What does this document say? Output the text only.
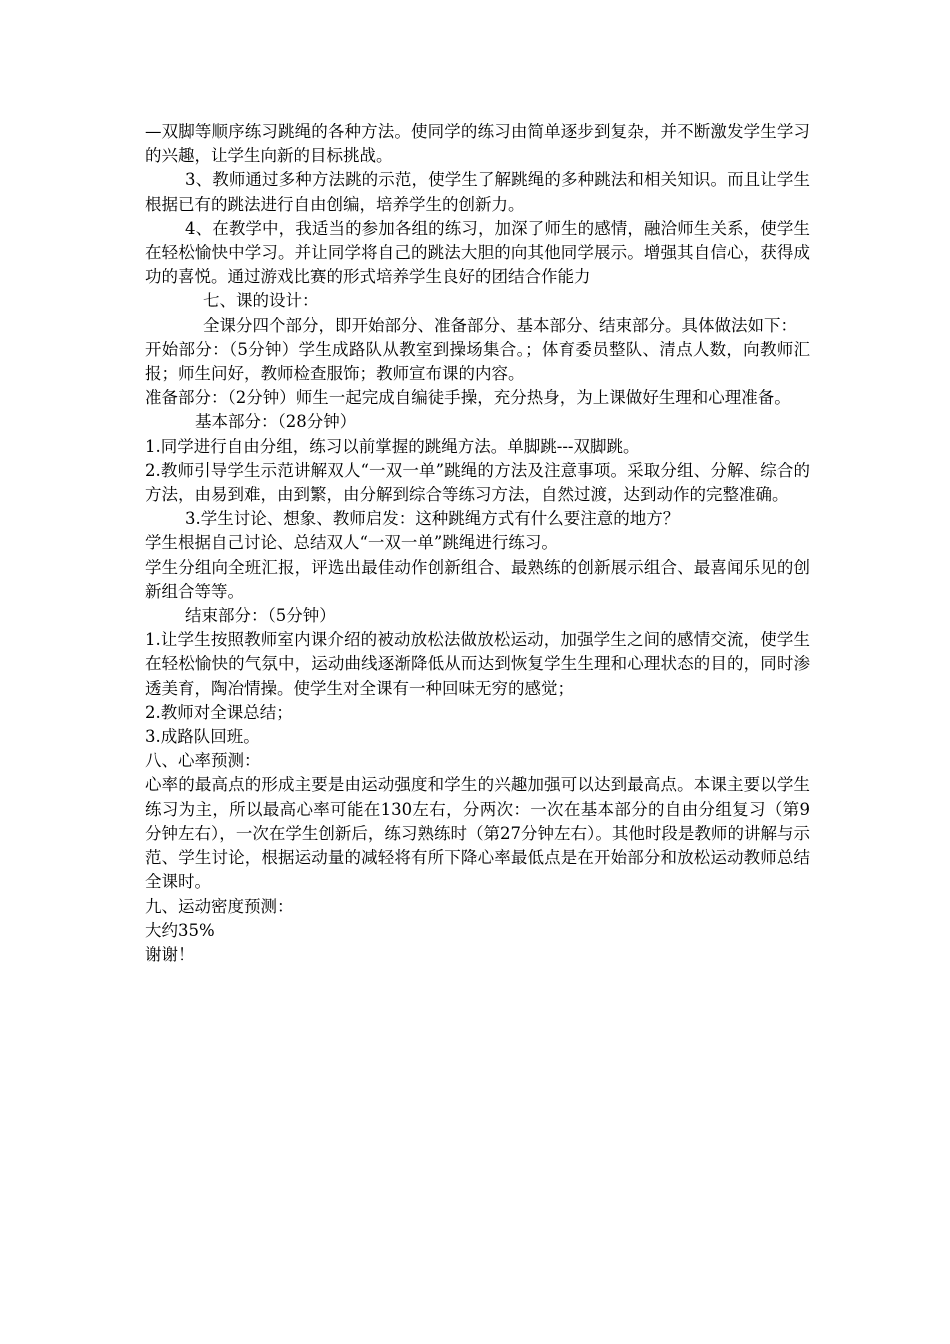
—双脚等顺序练习跳绳的各种方法。使同学的练习由简单逐步到复杂，并不断激发学生学习的兴趣，让学生向新的目标挑战。

3、教师通过多种方法跳的示范，使学生了解跳绳的多种跳法和相关知识。而且让学生根据已有的跳法进行自由创编，培养学生的创新力。

4、在教学中，我适当的参加各组的练习，加深了师生的感情，融洽师生关系，使学生在轻松愉快中学习。并让同学将自己的跳法大胆的向其他同学展示。增强其自信心，获得成功的喜悦。通过游戏比赛的形式培养学生良好的团结合作能力

七、课的设计：

全课分四个部分，即开始部分、准备部分、基本部分、结束部分。具体做法如下：

开始部分：（5分钟）学生成路队从教室到操场集合。；体育委员整队、清点人数，向教师汇报；师生问好，教师检查服饰；教师宣布课的内容。

准备部分：（2分钟）师生一起完成自编徒手操，充分热身，为上课做好生理和心理准备。

基本部分：（28分钟）

1.同学进行自由分组，练习以前掌握的跳绳方法。单脚跳---双脚跳。

2.教师引导学生示范讲解双人“一双一单”跳绳的方法及注意事项。采取分组、分解、综合的方法，由易到难，由到繁，由分解到综合等练习方法，自然过渡，达到动作的完整准确。

3.学生讨论、想象、教师启发：这种跳绳方式有什么要注意的地方？

学生根据自己讨论、总结双人“一双一单”跳绳进行练习。

学生分组向全班汇报，评选出最佳动作创新组合、最熟练的创新展示组合、最喜闻乐见的创新组合等等。

结束部分：（5分钟）

1.让学生按照教师室内课介绍的被动放松法做放松运动，加强学生之间的感情交流，使学生在轻松愉快的气氛中，运动曲线逐渐降低从而达到恢复学生生理和心理状态的目的，同时渗透美育，陶冶情操。使学生对全课有一种回味无穷的感觉；

2.教师对全课总结；

3.成路队回班。

八、心率预测：

心率的最高点的形成主要是由运动强度和学生的兴趣加强可以达到最高点。本课主要以学生练习为主，所以最高心率可能在130左右，分两次：一次在基本部分的自由分组复习（第9分钟左右），一次在学生创新后，练习熟练时（第27分钟左右）。其他时段是教师的讲解与示范、学生讨论，根据运动量的减轻将有所下降心率最低点是在开始部分和放松运动教师总结全课时。

九、运动密度预测：

大约35%

谢谢！
